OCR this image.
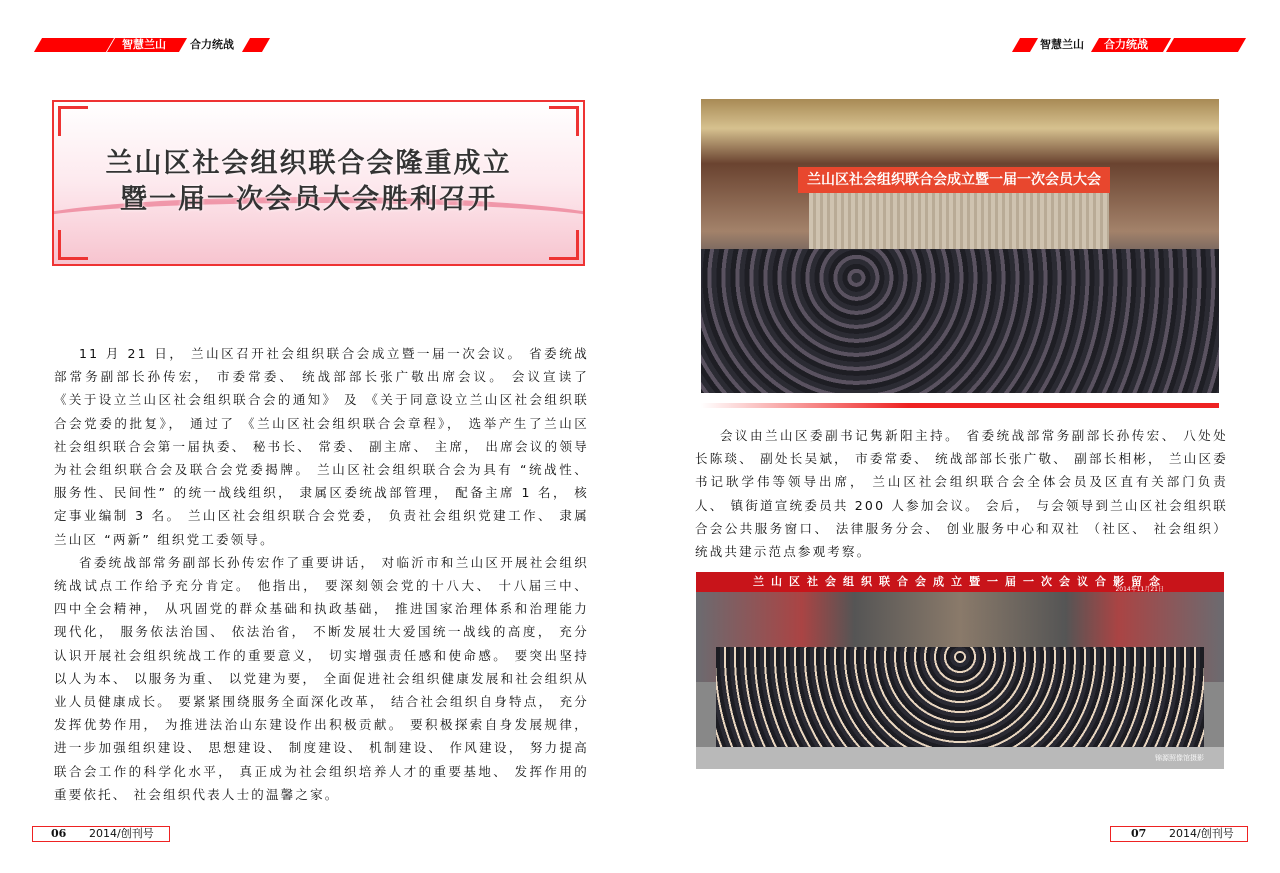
智慧兰山 合力统战	智慧兰山 合力统战
兰山区社会组织联合会隆重成立
暨一届一次会员大会胜利召开

11 月 21 日， 兰山区召开社会组织联合会成立暨一届一次会议。 省委统战部常务副部长孙传宏， 市委常委、 统战部部长张广敬出席会议。 会议宣读了 《关于设立兰山区社会组织联合会的通知》 及 《关于同意设立兰山区社会组织联合会党委的批复》， 通过了 《兰山区社会组织联合会章程》， 选举产生了兰山区社会组织联合会第一届执委、 秘书长、 常委、 副主席、 主席， 出席会议的领导为社会组织联合会及联合会党委揭牌。 兰山区社会组织联合会为具有 “统战性、服务性、民间性” 的统一战线组织， 隶属区委统战部管理， 配备主席 1 名， 核定事业编制 3 名。 兰山区社会组织联合会党委， 负责社会组织党建工作、 隶属兰山区 “两新” 组织党工委领导。

省委统战部常务副部长孙传宏作了重要讲话， 对临沂市和兰山区开展社会组织统战试点工作给予充分肯定。 他指出， 要深刻领会党的十八大、 十八届三中、 四中全会精神， 从巩固党的群众基础和执政基础， 推进国家治理体系和治理能力现代化， 服务依法治国、 依法治省， 不断发展壮大爱国统一战线的高度， 充分认识开展社会组织统战工作的重要意义， 切实增强责任感和使命感。 要突出坚持以人为本、 以服务为重、 以党建为要， 全面促进社会组织健康发展和社会组织从业人员健康成长。 要紧紧围绕服务全面深化改革， 结合社会组织自身特点， 充分发挥优势作用， 为推进法治山东建设作出积极贡献。 要积极探索自身发展规律， 进一步加强组织建设、 思想建设、 制度建设、 机制建设、 作风建设， 努力提高联合会工作的科学化水平， 真正成为社会组织培养人才的重要基地、 发挥作用的重要依托、 社会组织代表人士的温馨之家。

兰山区社会组织联合会成立暨一届一次会员大会

会议由兰山区委副书记隽新阳主持。 省委统战部常务副部长孙传宏、 八处处长陈琰、 副处长吴斌， 市委常委、 统战部部长张广敬、 副部长相彬， 兰山区委书记耿学伟等领导出席， 兰山区社会组织联合会全体会员及区直有关部门负责人、 镇街道宣统委员共 200 人参加会议。 会后， 与会领导到兰山区社会组织联合会公共服务窗口、 法律服务分会、 创业服务中心和双社 （社区、 社会组织） 统战共建示范点参观考察。

兰山区社会组织联合会成立暨一届一次会议合影留念
2014年11月21日
锦源照像馆摄影
06 2014/创刊号	07 2014/创刊号
